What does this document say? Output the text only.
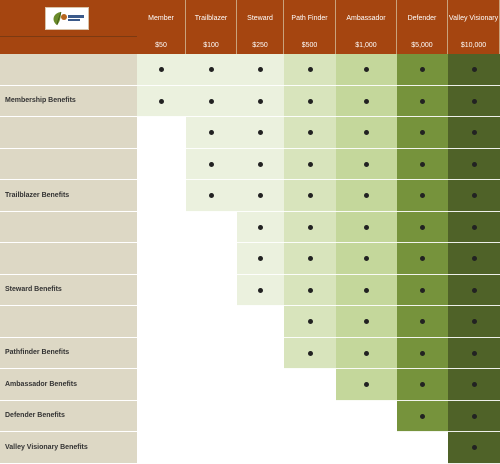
Member
$50
Trailblazer
$100
Steward
$250
Path Finder
$500
Ambassador
$1,000
Defender
$5,000
Valley Visionary
$10,000
Membership Benefits
Trailblazer Benefits
Steward Benefits
Pathfinder Benefits
Ambassador Benefits
Defender Benefits
Valley Visionary Benefits
